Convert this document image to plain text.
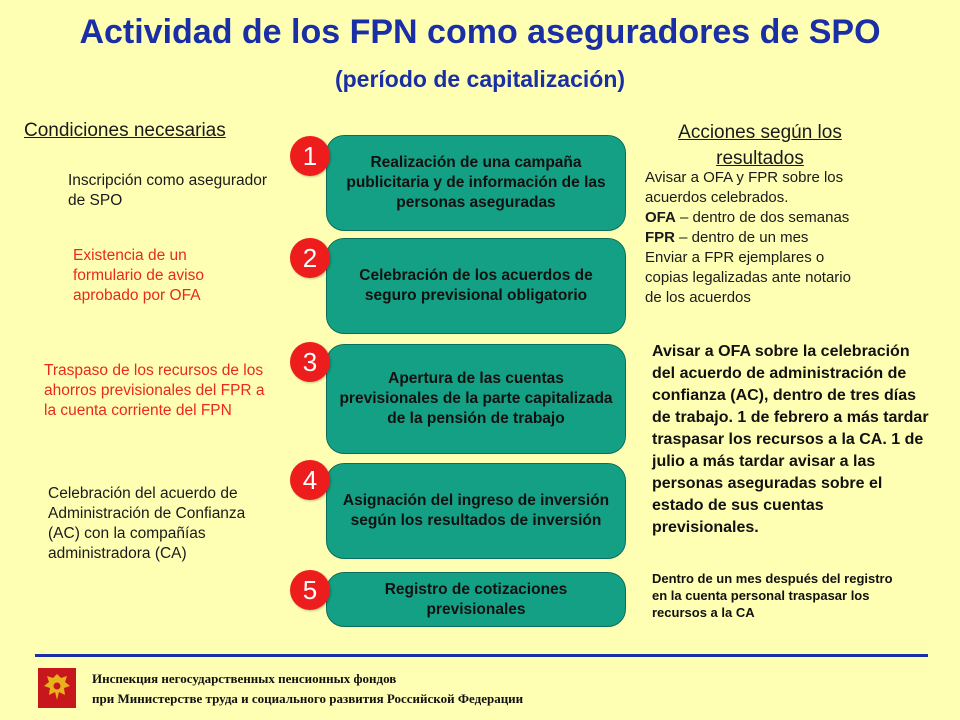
Actividad de los FPN como aseguradores de SPO (período de capitalización)
Condiciones necesarias	Acciones según los resultados
Realización de una campaña publicitaria y de información de las personas aseguradas
Celebración de los acuerdos de seguro previsional obligatorio
Apertura de las cuentas previsionales de la parte capitalizada de la pensión de trabajo
Asignación del ingreso de inversión según los resultados de inversión
Registro de cotizaciones previsionales
1
2
3
4
5
Inscripción como asegurador de SPO
Existencia de un formulario de aviso aprobado por OFA
Traspaso de los recursos de los ahorros previsionales del FPR a la cuenta corriente del FPN
Celebración del acuerdo de Administración de Confianza (AC) con la compañías administradora (CA)
Avisar a OFA y FPR sobre los
acuerdos celebrados.
OFA – dentro de dos semanas
FPR – dentro de un mes
Enviar a FPR ejemplares o
copias legalizadas ante notario
de los acuerdos
Avisar a OFA sobre la celebración del acuerdo de administración de confianza (AC), dentro de tres días de trabajo. 1 de febrero a más tardar traspasar los recursos a la CA. 1 de julio a más tardar avisar a las personas aseguradas sobre el estado de sus cuentas previsionales.
Dentro de un mes después del registro en la cuenta personal traspasar los recursos a la CA
Инспекция негосударственных пенсионных фондов
при Министерстве труда и социального развития Российской Федерации
